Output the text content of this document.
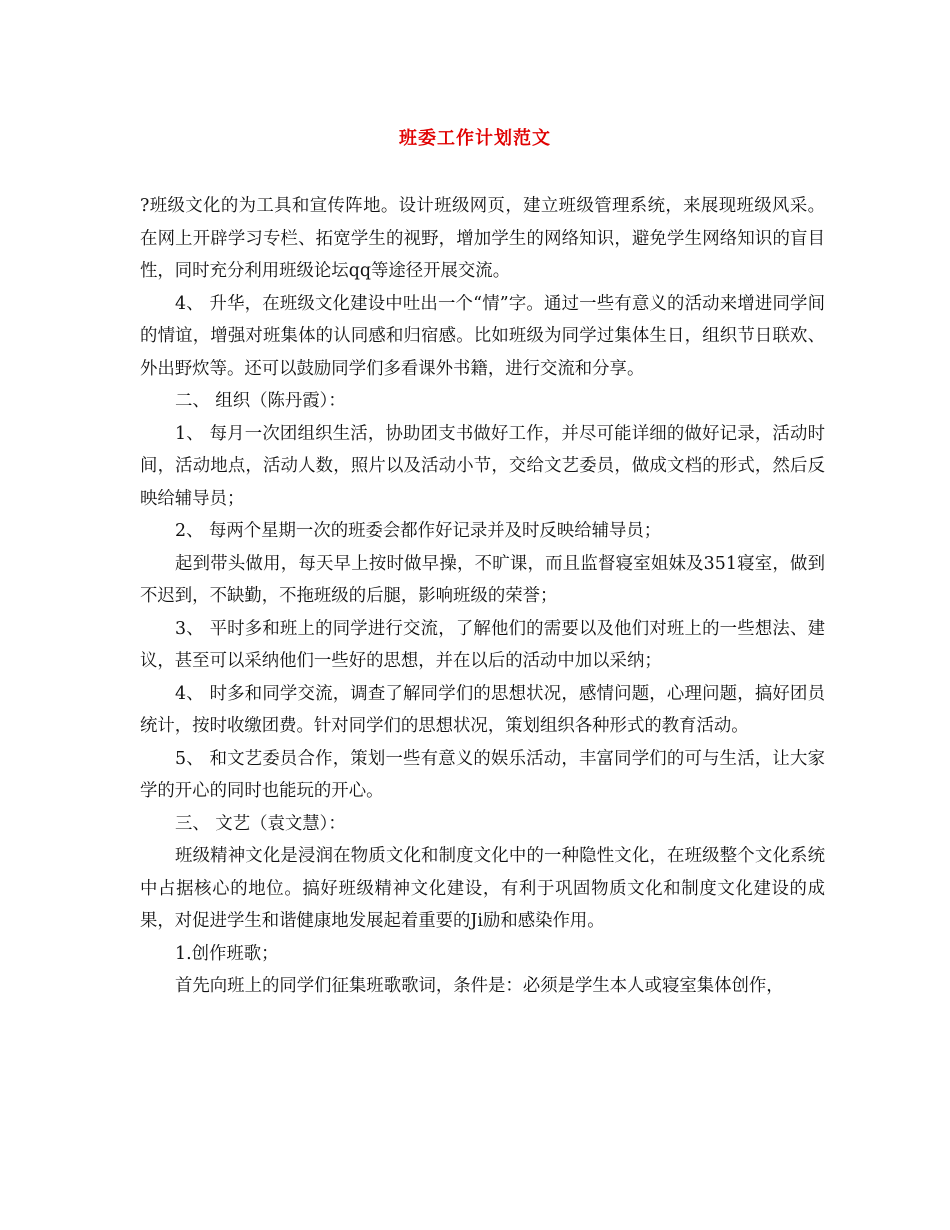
班委工作计划范文

?班级文化的为工具和宣传阵地。设计班级网页，建立班级管理系统，来展现班级风采。在网上开辟学习专栏、拓宽学生的视野，增加学生的网络知识，避免学生网络知识的盲目性，同时充分利用班级论坛qq等途径开展交流。

4、 升华，在班级文化建设中吐出一个“情”字。通过一些有意义的活动来增进同学间的情谊，增强对班集体的认同感和归宿感。比如班级为同学过集体生日，组织节日联欢、外出野炊等。还可以鼓励同学们多看课外书籍，进行交流和分享。

二、 组织（陈丹霞）：

1、 每月一次团组织生活，协助团支书做好工作，并尽可能详细的做好记录，活动时间，活动地点，活动人数，照片以及活动小节，交给文艺委员，做成文档的形式，然后反映给辅导员；

2、 每两个星期一次的班委会都作好记录并及时反映给辅导员；

起到带头做用，每天早上按时做早操，不旷课，而且监督寝室姐妹及351寝室，做到不迟到，不缺勤，不拖班级的后腿，影响班级的荣誉；

3、 平时多和班上的同学进行交流，了解他们的需要以及他们对班上的一些想法、建议，甚至可以采纳他们一些好的思想，并在以后的活动中加以采纳；

4、 时多和同学交流，调查了解同学们的思想状况，感情问题，心理问题，搞好团员统计，按时收缴团费。针对同学们的思想状况，策划组织各种形式的教育活动。

5、 和文艺委员合作，策划一些有意义的娱乐活动，丰富同学们的可与生活，让大家学的开心的同时也能玩的开心。

三、 文艺（袁文慧）：

班级精神文化是浸润在物质文化和制度文化中的一种隐性文化，在班级整个文化系统中占据核心的地位。搞好班级精神文化建设，有利于巩固物质文化和制度文化建设的成果，对促进学生和谐健康地发展起着重要的Ji励和感染作用。

1.创作班歌；

首先向班上的同学们征集班歌歌词，条件是：必须是学生本人或寝室集体创作，
